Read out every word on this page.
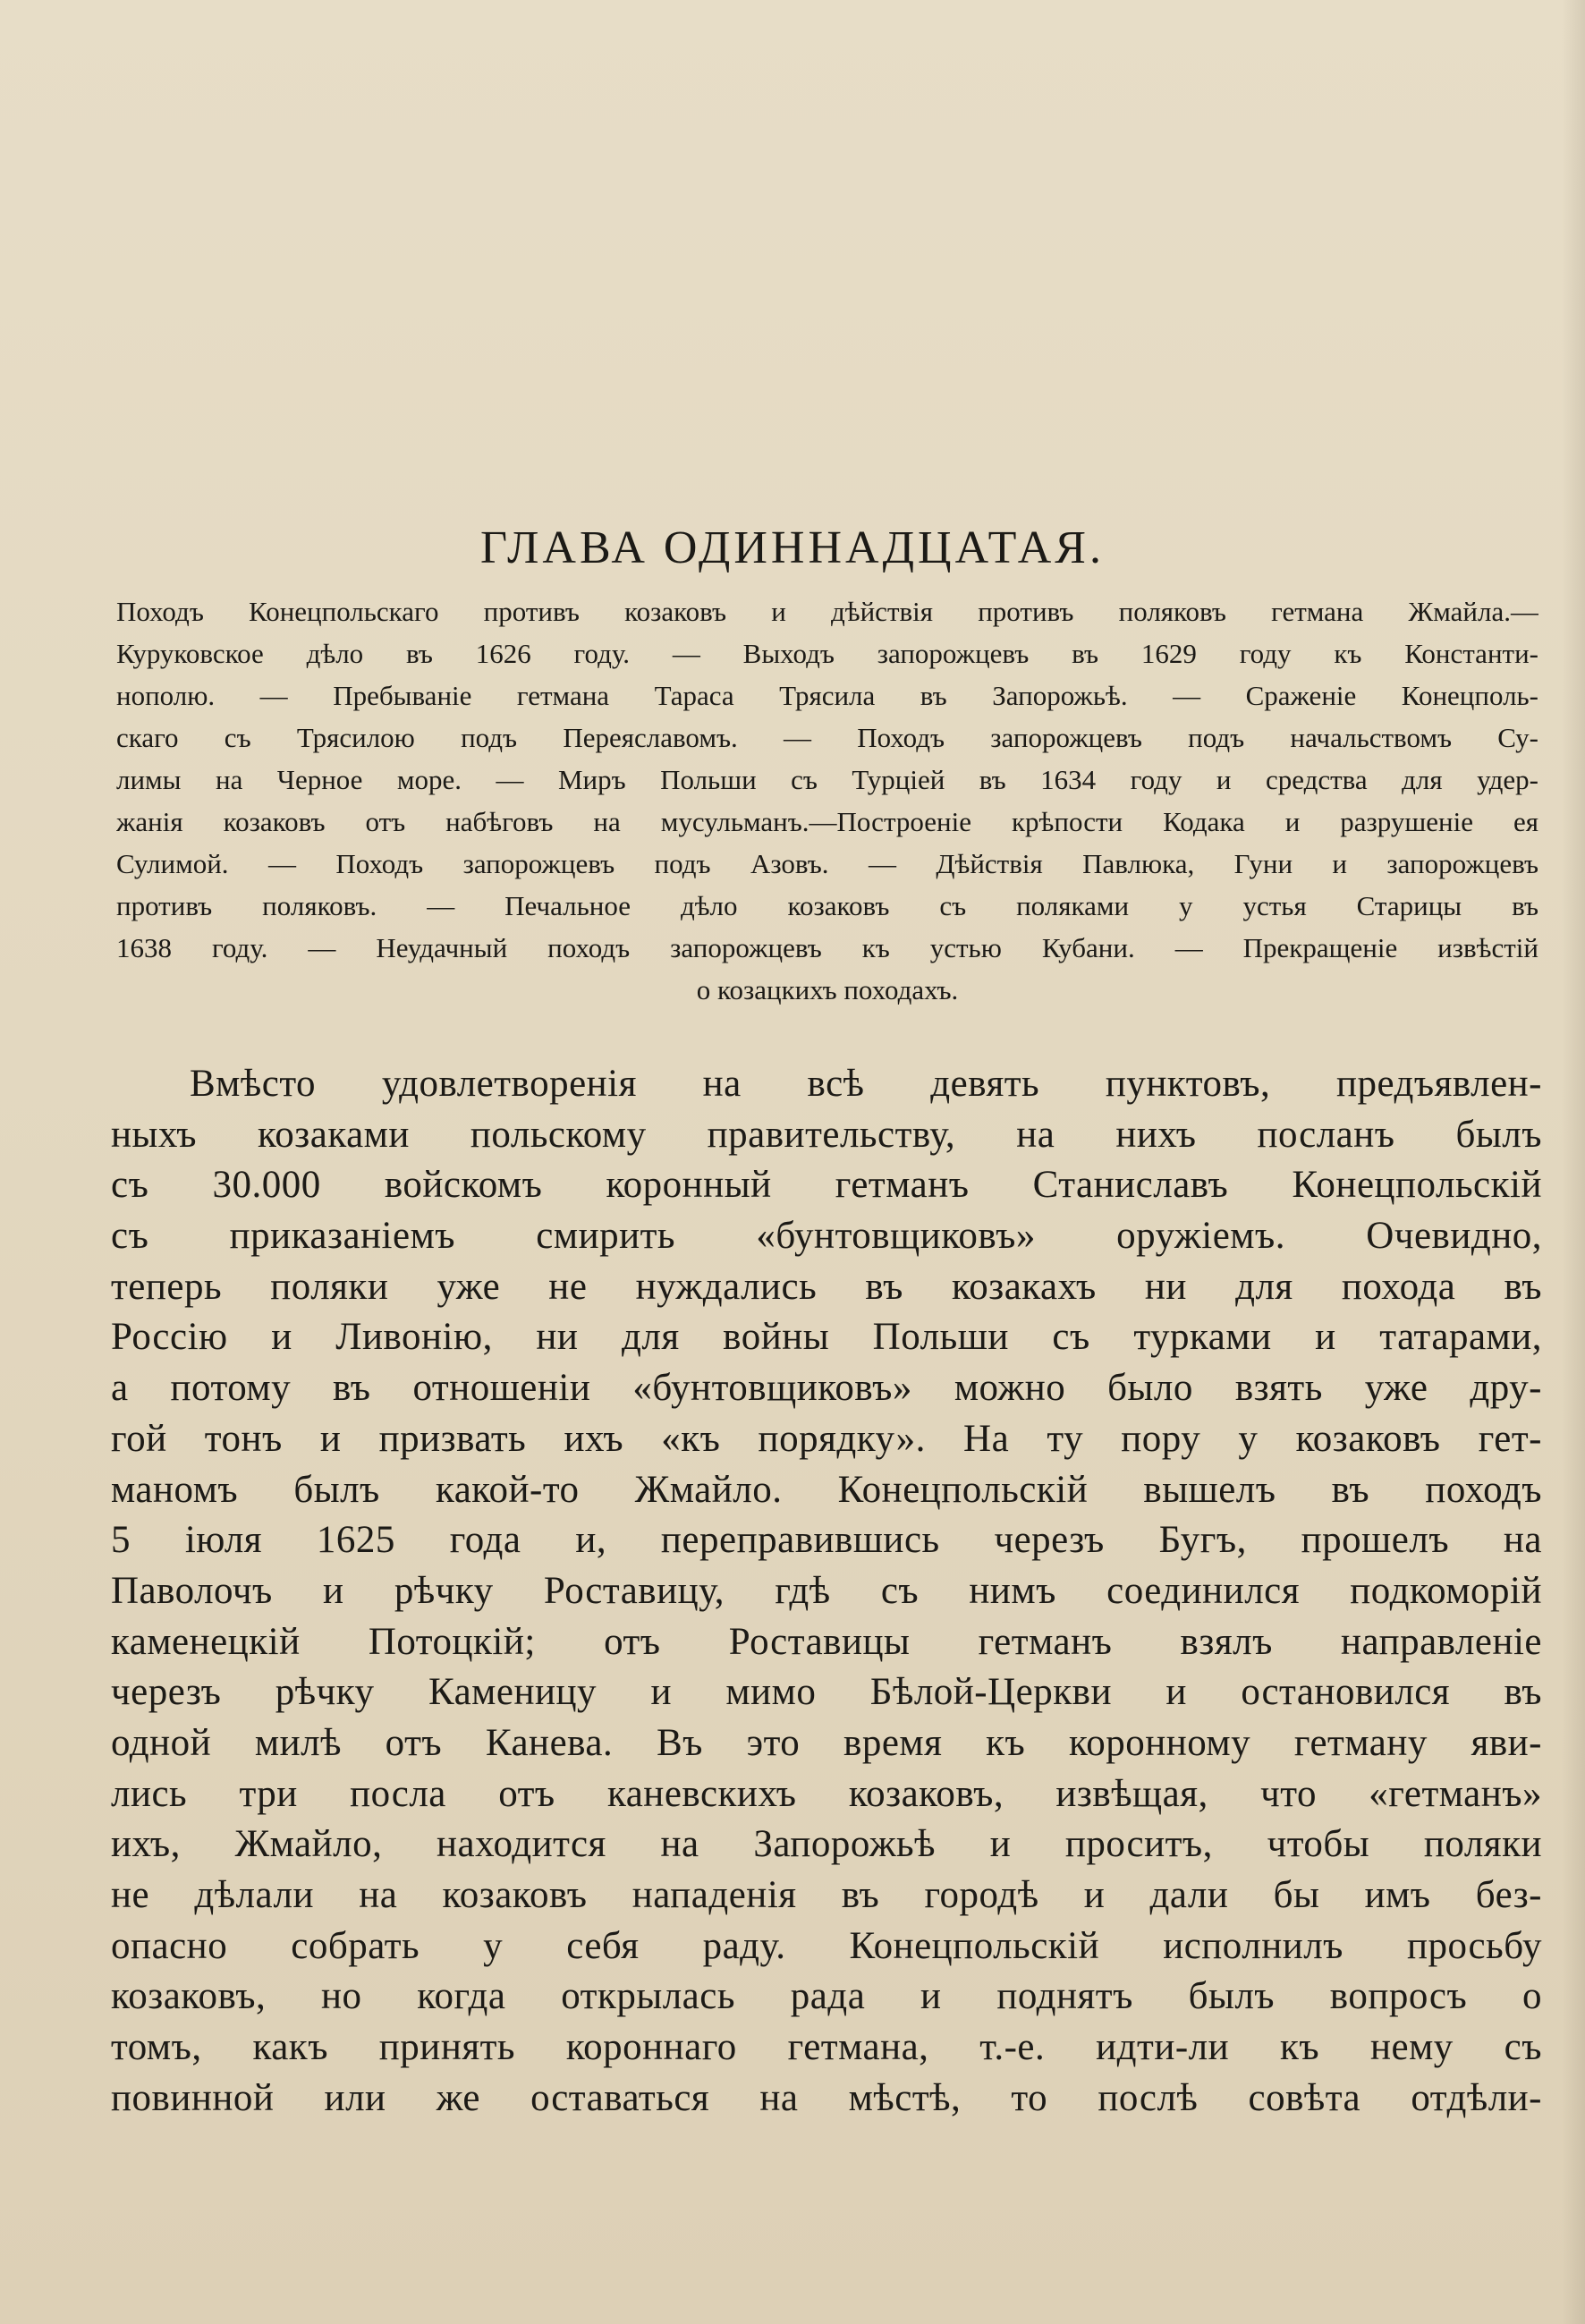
ГЛАВА ОДИННАДЦАТАЯ.
Походъ Конецпольскаго противъ козаковъ и дѣйствія противъ поляковъ гетмана Жмайла.—
Куруковское дѣло въ 1626 году. — Выходъ запорожцевъ въ 1629 году къ Константи-
нополю. — Пребываніе гетмана Тараса Трясила въ Запорожьѣ. — Сраженіе Конецполь-
скаго съ Трясилою подъ Переяславомъ. — Походъ запорожцевъ подъ начальствомъ Су-
лимы на Черное море. — Миръ Польши съ Турціей въ 1634 году и средства для удер-
жанія козаковъ отъ набѣговъ на мусульманъ.—Построеніе крѣпости Кодака и разрушеніе ея
Сулимой. — Походъ запорожцевъ подъ Азовъ. — Дѣйствія Павлюка, Гуни и запорожцевъ
противъ поляковъ. — Печальное дѣло козаковъ съ поляками у устья Старицы въ
1638 году. — Неудачный походъ запорожцевъ къ устью Кубани. — Прекращеніе извѣстій
о козацкихъ походахъ.
Вмѣсто удовлетворенія на всѣ девять пунктовъ, предъявлен-
ныхъ козаками польскому правительству, на нихъ посланъ былъ
съ 30.000 войскомъ коронный гетманъ Станиславъ Конецпольскій
съ приказаніемъ смирить «бунтовщиковъ» оружіемъ. Очевидно,
теперь поляки уже не нуждались въ козакахъ ни для похода въ
Россію и Ливонію, ни для войны Польши съ турками и татарами,
а потому въ отношеніи «бунтовщиковъ» можно было взять уже дру-
гой тонъ и призвать ихъ «къ порядку». На ту пору у козаковъ гет-
маномъ былъ какой-то Жмайло. Конецпольскій вышелъ въ походъ
5 іюля 1625 года и, переправившись черезъ Бугъ, прошелъ на
Паволочъ и рѣчку Роставицу, гдѣ съ нимъ соединился подкоморій
каменецкій Потоцкій; отъ Роставицы гетманъ взялъ направленіе
черезъ рѣчку Каменицу и мимо Бѣлой-Церкви и остановился въ
одной милѣ отъ Канева. Въ это время къ коронному гетману яви-
лись три посла отъ каневскихъ козаковъ, извѣщая, что «гетманъ»
ихъ, Жмайло, находится на Запорожьѣ и проситъ, чтобы поляки
не дѣлали на козаковъ нападенія въ городѣ и дали бы имъ без-
опасно собрать у себя раду. Конецпольскій исполнилъ просьбу
козаковъ, но когда открылась рада и поднятъ былъ вопросъ о
томъ, какъ принять короннаго гетмана, т.-е. идти-ли къ нему съ
повинной или же оставаться на мѣстѣ, то послѣ совѣта отдѣли-
